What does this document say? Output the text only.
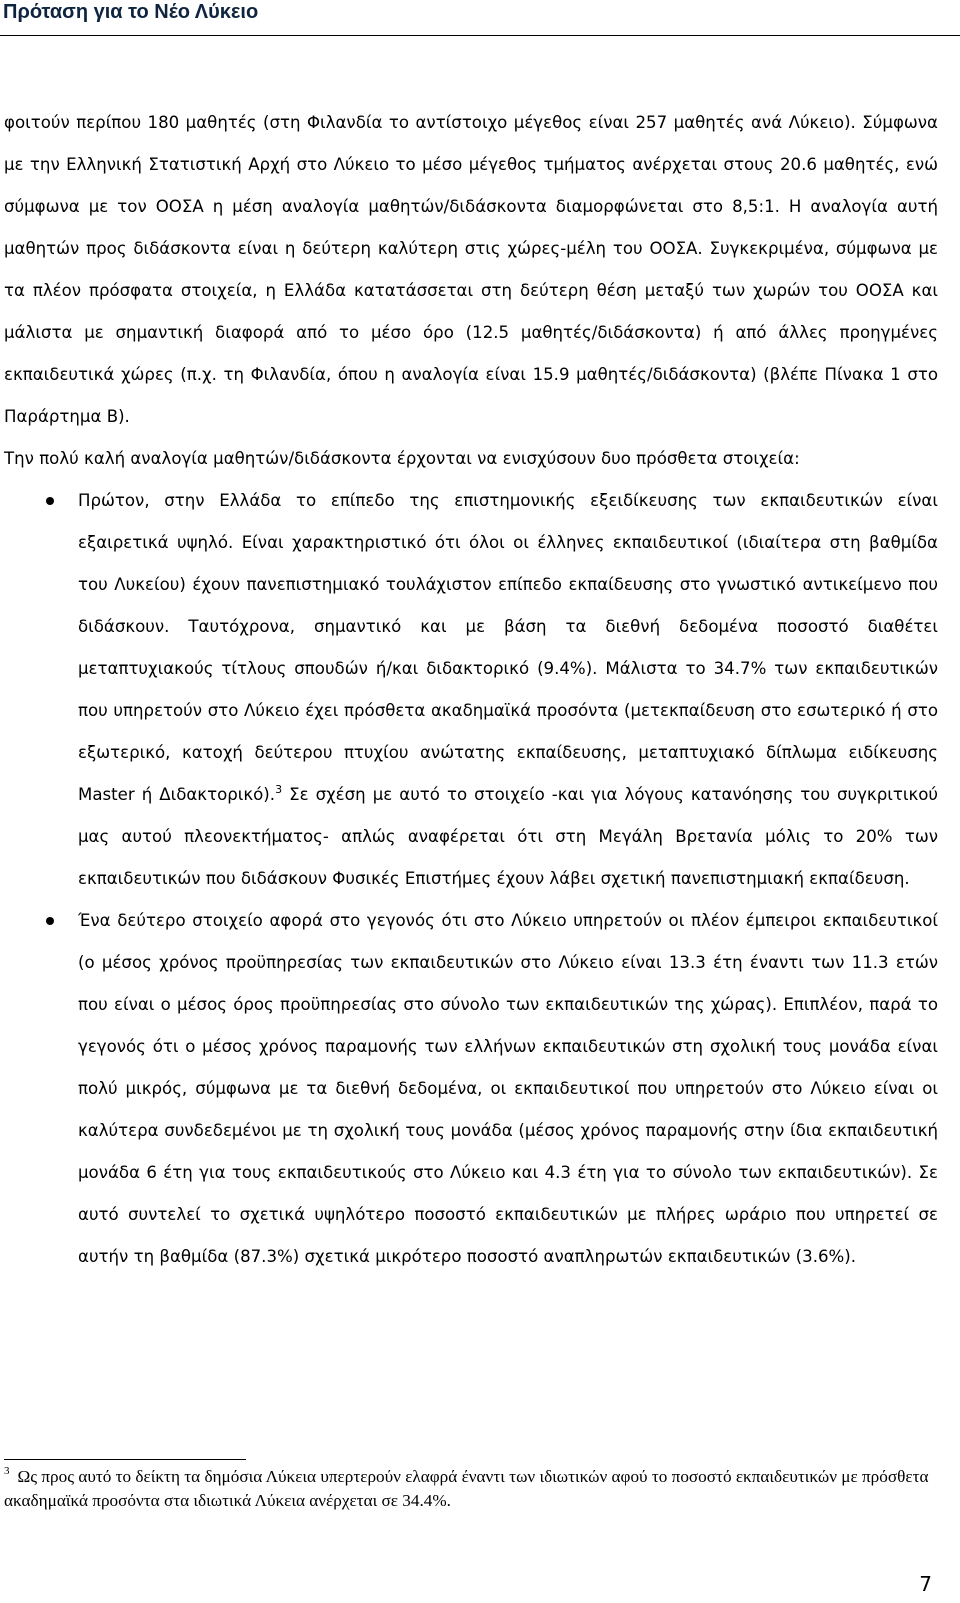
Πρόταση για το Νέο Λύκειο

φοιτούν περίπου 180 μαθητές (στη Φιλανδία το αντίστοιχο μέγεθος είναι 257 μαθητές ανά Λύκειο). Σύμφωνα με την Ελληνική Στατιστική Αρχή στο Λύκειο το μέσο μέγεθος τμήματος ανέρχεται στους 20.6 μαθητές, ενώ σύμφωνα με τον ΟΟΣΑ η μέση αναλογία μαθητών/διδάσκοντα διαμορφώνεται στο 8,5:1. Η αναλογία αυτή μαθητών προς διδάσκοντα είναι η δεύτερη καλύτερη στις χώρες-μέλη του ΟΟΣΑ. Συγκεκριμένα, σύμφωνα με τα πλέον πρόσφατα στοιχεία, η Ελλάδα κατατάσσεται στη δεύτερη θέση μεταξύ των χωρών του ΟΟΣΑ και μάλιστα με σημαντική διαφορά από το μέσο όρο (12.5 μαθητές/διδάσκοντα) ή από άλλες προηγμένες εκπαιδευτικά χώρες (π.χ. τη Φιλανδία, όπου η αναλογία είναι 15.9 μαθητές/διδάσκοντα) (βλέπε Πίνακα 1 στο Παράρτημα Β).

Την πολύ καλή αναλογία μαθητών/διδάσκοντα έρχονται να ενισχύσουν δυο πρόσθετα στοιχεία:

Πρώτον, στην Ελλάδα το επίπεδο της επιστημονικής εξειδίκευσης των εκπαιδευτικών είναι εξαιρετικά υψηλό. Είναι χαρακτηριστικό ότι όλοι οι έλληνες εκπαιδευτικοί (ιδιαίτερα στη βαθμίδα του Λυκείου) έχουν πανεπιστημιακό τουλάχιστον επίπεδο εκπαίδευσης στο γνωστικό αντικείμενο που διδάσκουν. Ταυτόχρονα, σημαντικό και με βάση τα διεθνή δεδομένα ποσοστό διαθέτει μεταπτυχιακούς τίτλους σπουδών ή/και διδακτορικό (9.4%). Μάλιστα το 34.7% των εκπαιδευτικών που υπηρετούν στο Λύκειο έχει πρόσθετα ακαδημαϊκά προσόντα (μετεκπαίδευση στο εσωτερικό ή στο εξωτερικό, κατοχή δεύτερου πτυχίου ανώτατης εκπαίδευσης, μεταπτυχιακό δίπλωμα ειδίκευσης Master ή Διδακτορικό).$^3$ Σε σχέση με αυτό το στοιχείο -και για λόγους κατανόησης του συγκριτικού μας αυτού πλεονεκτήματος- απλώς αναφέρεται ότι στη Μεγάλη Βρετανία μόλις το 20% των εκπαιδευτικών που διδάσκουν Φυσικές Επιστήμες έχουν λάβει σχετική πανεπιστημιακή εκπαίδευση.
Ένα δεύτερο στοιχείο αφορά στο γεγονός ότι στο Λύκειο υπηρετούν οι πλέον έμπειροι εκπαιδευτικοί (ο μέσος χρόνος προϋπηρεσίας των εκπαιδευτικών στο Λύκειο είναι 13.3 έτη έναντι των 11.3 ετών που είναι ο μέσος όρος προϋπηρεσίας στο σύνολο των εκπαιδευτικών της χώρας). Επιπλέον, παρά το γεγονός ότι ο μέσος χρόνος παραμονής των ελλήνων εκπαιδευτικών στη σχολική τους μονάδα είναι πολύ μικρός, σύμφωνα με τα διεθνή δεδομένα, οι εκπαιδευτικοί που υπηρετούν στο Λύκειο είναι οι καλύτερα συνδεδεμένοι με τη σχολική τους μονάδα (μέσος χρόνος παραμονής στην ίδια εκπαιδευτική μονάδα 6 έτη για τους εκπαιδευτικούς στο Λύκειο και 4.3 έτη για το σύνολο των εκπαιδευτικών). Σε αυτό συντελεί το σχετικά υψηλότερο ποσοστό εκπαιδευτικών με πλήρες ωράριο που υπηρετεί σε αυτήν τη βαθμίδα (87.3%) σχετικά μικρότερο ποσοστό αναπληρωτών εκπαιδευτικών (3.6%).
$^3$ Ως προς αυτό το δείκτη τα δημόσια Λύκεια υπερτερούν ελαφρά έναντι των ιδιωτικών αφού το ποσοστό εκπαιδευτικών με πρόσθετα ακαδημαϊκά προσόντα στα ιδιωτικά Λύκεια ανέρχεται σε 34.4%.
7
